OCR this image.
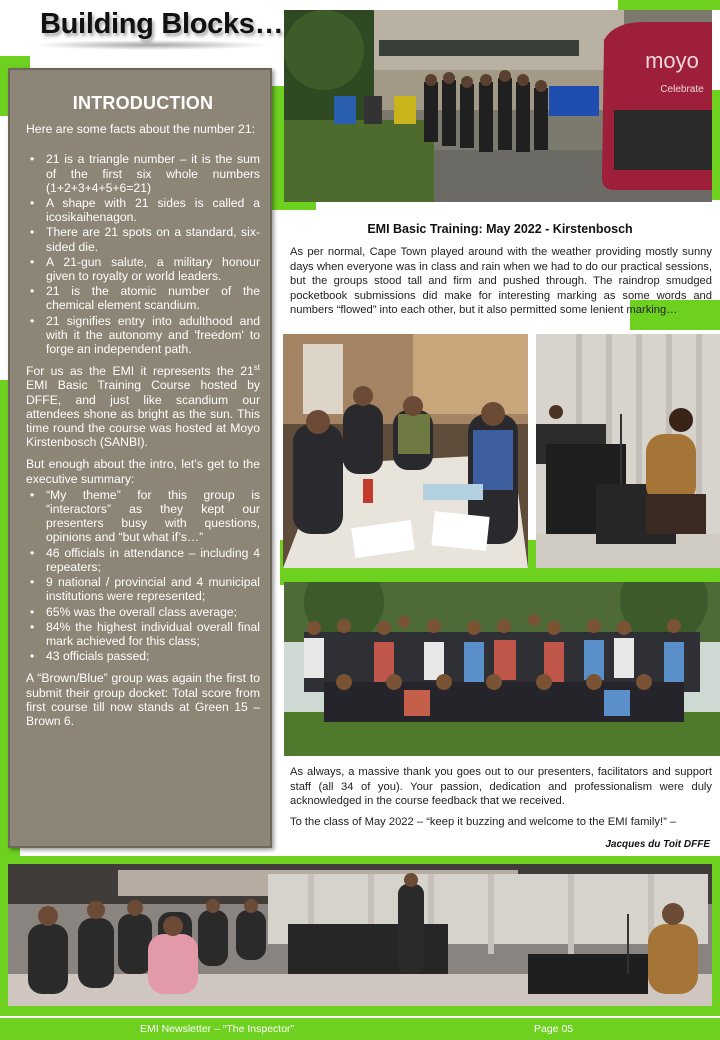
Building Blocks…
INTRODUCTION

Here are some facts about the number 21:

• 21 is a triangle number – it is the sum of the first six whole numbers (1+2+3+4+5+6=21)
• A shape with 21 sides is called a icosikaihenagon.
• There are 21 spots on a standard, six-sided die.
• A 21-gun salute, a military honour given to royalty or world leaders.
• 21 is the atomic number of the chemical element scandium.
• 21 signifies entry into adulthood and with it the autonomy and 'freedom' to forge an independent path.

For us as the EMI it represents the 21st EMI Basic Training Course hosted by DFFE, and just like scandium our attendees shone as bright as the sun. This time round the course was hosted at Moyo Kirstenbosch (SANBI).

But enough about the intro, let’s get to the executive summary:

• “My theme” for this group is “interactors” as they kept our presenters busy with questions, opinions and “but what if’s…”
• 46 officials in attendance – including 4 repeaters;
• 9 national / provincial and 4 municipal institutions were represented;
• 65% was the overall class average;
• 84% the highest individual overall final mark achieved for this class;
• 43 officials passed;

A “Brown/Blue” group was again the first to submit their group docket: Total score from first course till now stands at Green 15 – Brown 6.

moyo
Celebrate
EMI Basic Training: May 2022 - Kirstenbosch
As per normal, Cape Town played around with the weather providing mostly sunny days when everyone was in class and rain when we had to do our practical sessions, but the groups stood tall and firm and pushed through. The raindrop smudged pocketbook submissions did make for interesting marking as some words and numbers “flowed” into each other, but it also permitted some lenient marking…
As always, a massive thank you goes out to our presenters, facilitators and support staff (all 34 of you). Your passion, dedication and professionalism were duly acknowledged in the course feedback that we received.
To the class of May 2022 – “keep it buzzing and welcome to the EMI family!” –
Jacques du Toit DFFE
EMI Newsletter – “The Inspector”	Page 05
